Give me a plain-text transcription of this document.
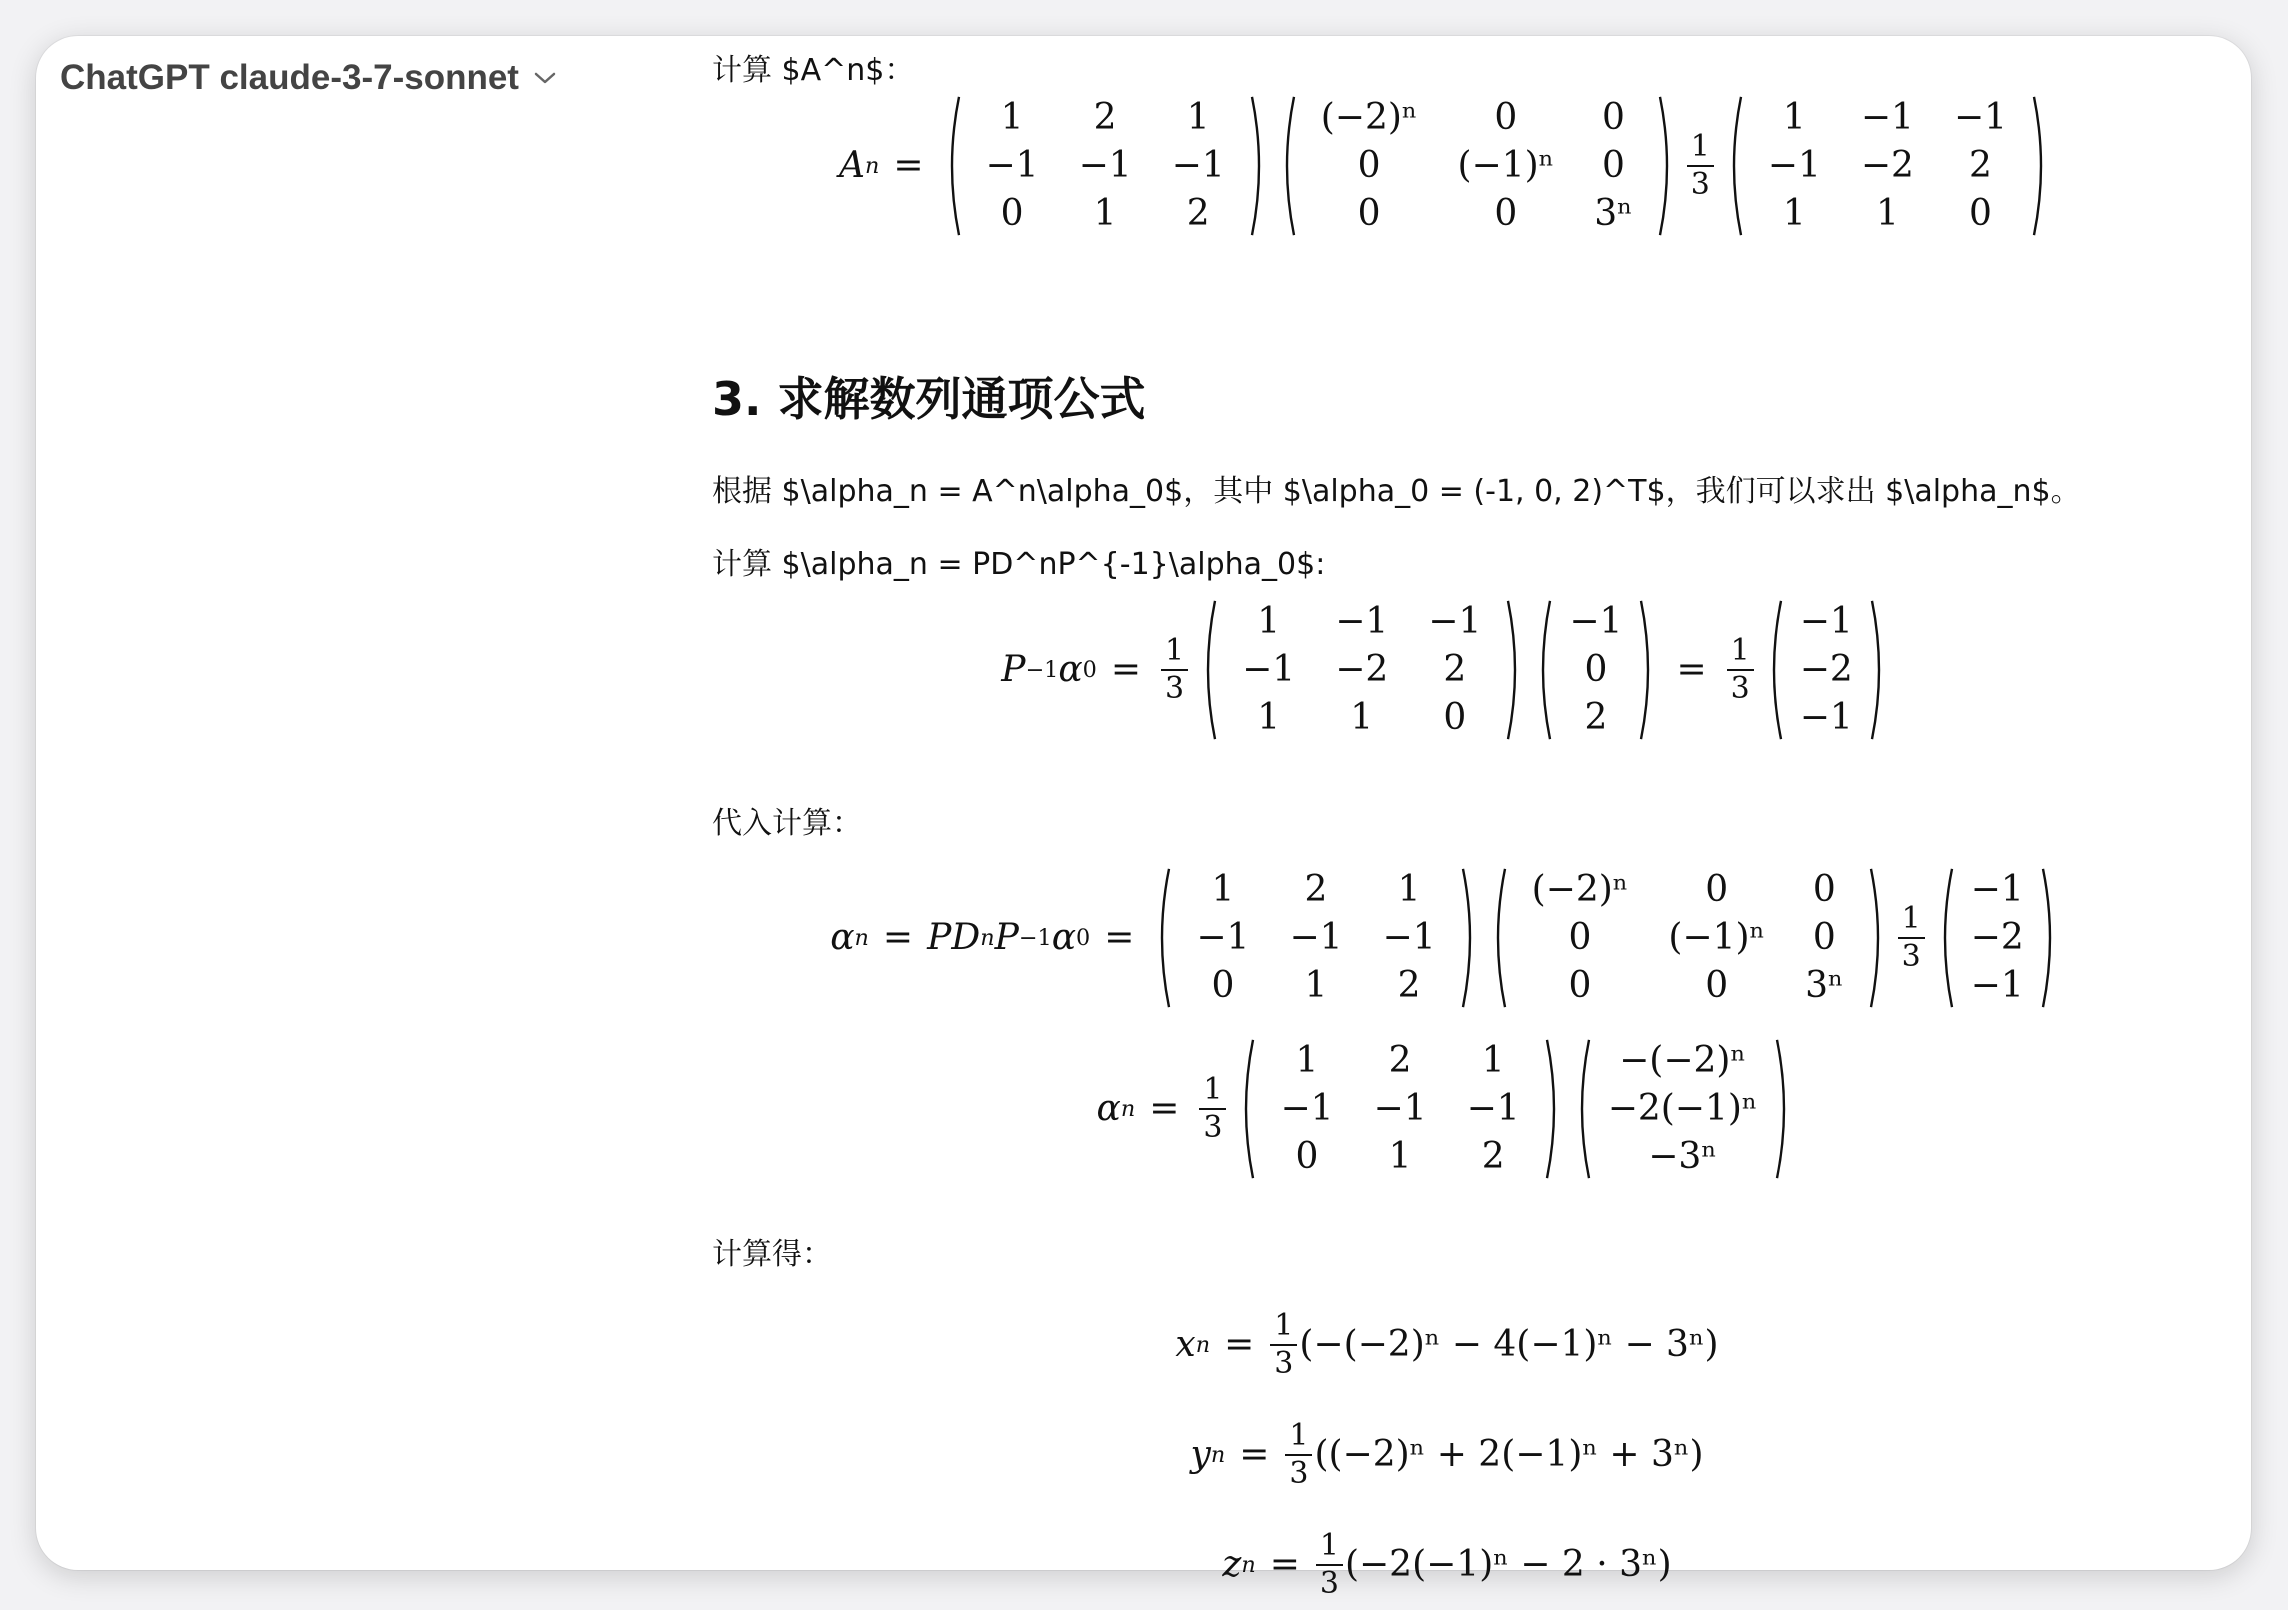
ChatGPT claude-3-7-sonnet	计算 $A^n$：
A n =
1	2	1
−1	−1	−1
0	1	2
(−2)ⁿ	0	0
0	(−1)ⁿ	0
0	0	3ⁿ
$\frac{1}{3}$
1	−1	−1
−1	−2	2
1	1	0
3. 求解数列通项公式
根据 $\alpha_n = A^n\alpha_0$，其中 $\alpha_0 = (-1, 0, 2)^T$，我们可以求出 $\alpha_n$。
计算 $\alpha_n = PD^nP^{-1}\alpha_0$:
P −1 α $0 = \frac{1}{3}$
1	−1	−1
−1	−2	2
1	1	0
−1
0
2
= $\frac{1}{3}$
−1
−2
−1
代入计算：
α n = PD n P −1 α 0 =
1	2	1
−1	−1	−1
0	1	2
(−2)ⁿ	0	0
0	(−1)ⁿ	0
0	0	3ⁿ
$\frac{1}{3}$
−1
−2
−1
α $n = \frac{1}{3}$
1	2	1
−1	−1	−1
0	1	2
−(−2)ⁿ
−2(−1)ⁿ
−3ⁿ
计算得：
x $n = \frac{1}{3} (-(-2)^n - 4(-1)^n - 3^n)$
y $n = \frac{1}{3} ((-2)^n + 2(-1)^n + 3^n)$
z $n = \frac{1}{3} (-2(-1)^n - 2 \cdot 3^n)$
